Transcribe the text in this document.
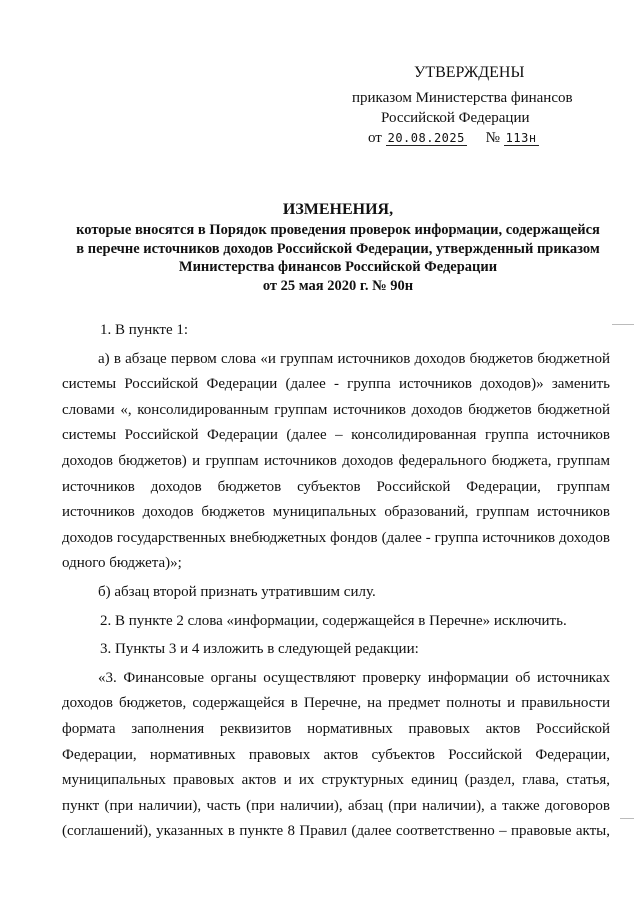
УТВЕРЖДЕНЫ
приказом Министерства финансов
Российской Федерации
от 20.08.2025 № 113н
ИЗМЕНЕНИЯ,
которые вносятся в Порядок проведения проверок информации, содержащейся
в перечне источников доходов Российской Федерации, утвержденный приказом
Министерства финансов Российской Федерации
от 25 мая 2020 г. № 90н

1. В пункте 1:

а) в абзаце первом слова «и группам источников доходов бюджетов бюджетной системы Российской Федерации (далее - группа источников доходов)» заменить словами «, консолидированным группам источников доходов бюджетов бюджетной системы Российской Федерации (далее – консолидированная группа источников доходов бюджетов) и группам источников доходов федерального бюджета, группам источников доходов бюджетов субъектов Российской Федерации, группам источников доходов бюджетов муниципальных образований, группам источников доходов государственных внебюджетных фондов (далее - группа источников доходов одного бюджета)»;

б) абзац второй признать утратившим силу.

2. В пункте 2 слова «информации, содержащейся в Перечне» исключить.

3. Пункты 3 и 4 изложить в следующей редакции:

«3. Финансовые органы осуществляют проверку информации об источниках доходов бюджетов, содержащейся в Перечне, на предмет полноты и правильности формата заполнения реквизитов нормативных правовых актов Российской Федерации, нормативных правовых актов субъектов Российской Федерации, муниципальных правовых актов и их структурных единиц (раздел, глава, статья, пункт (при наличии), часть (при наличии), абзац (при наличии), а также договоров (соглашений), указанных в пункте 8 Правил (далее соответственно – правовые акты,
